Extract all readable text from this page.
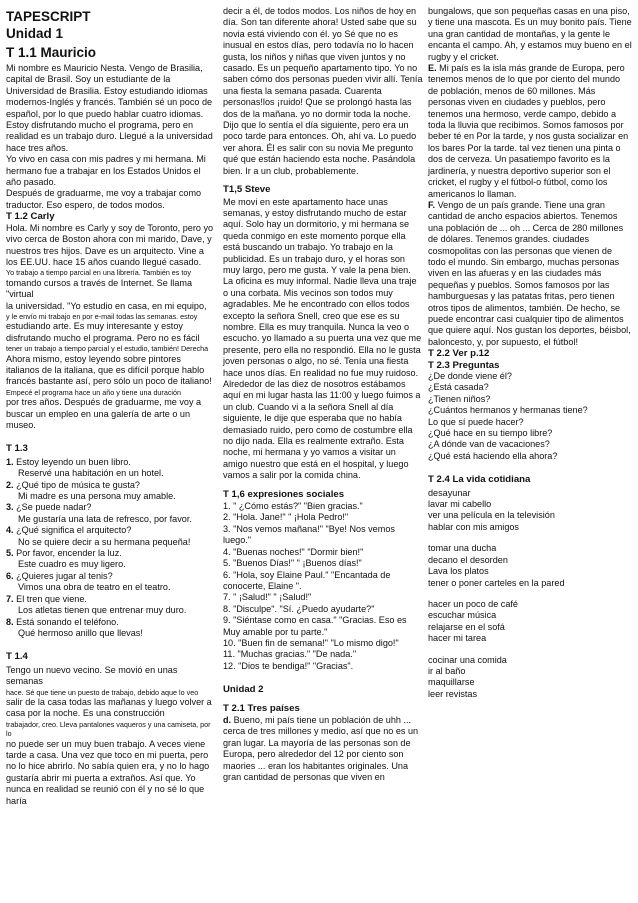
TAPESCRIPT
Unidad 1
T 1.1 Mauricio

Mi nombre es Mauricio Nesta. Vengo de Brasilia, capital de Brasil. Soy un estudiante de la Universidad de Brasilia. Estoy estudiando idiomas modernos-Inglés y francés. También sé un poco de español, por lo que puedo hablar cuatro idiomas. Estoy disfrutando mucho el programa, pero en realidad es un trabajo duro. Llegué a la universidad hace tres años.

Yo vivo en casa con mis padres y mi hermana. Mi hermano fue a trabajar en los Estados Unidos el año pasado.

Después de graduarme, me voy a trabajar como traductor. Eso espero, de todos modos.

T 1.2 Carly

Hola. Mi nombre es Carly y soy de Toronto, pero yo vivo cerca de Boston ahora con mi marido, Dave, y nuestros tres hijos. Dave es un arquitecto. Vine a los EE.UU. hace 15 años cuando llegué casado.

Yo trabajo a tiempo parcial en una librería. También es toy

tomando cursos a través de Internet. Se llama "virtual

la universidad. "Yo estudio en casa, en mi equipo,

y le envío mi trabajo en por e-mail todas las semanas. estoy

estudiando arte. Es muy interesante y estoy disfrutando mucho el programa. Pero no es fácil

tener un trabajo a tiempo parcial y el estudio, también! Derecha

Ahora mismo, estoy leyendo sobre pintores italianos de la italiana, que es difícil porque hablo francés bastante así, pero sólo un poco de italiano!

Empecé el programa hace un año y tiene una duración

por tres años. Después de graduarme, me voy a buscar un empleo en una galería de arte o un museo.

T 1.3

1. Estoy leyendo un buen libro.

Reservé una habitación en un hotel.

2. ¿Qué tipo de música te gusta?

Mi madre es una persona muy amable.

3. ¿Se puede nadar?

Me gustaría una lata de refresco, por favor.

4. ¿Qué significa el arquitecto?

No se quiere decir a su hermana pequeña!

5. Por favor, encender la luz.

Este cuadro es muy ligero.

6. ¿Quieres jugar al tenis?

Vimos una obra de teatro en el teatro.

7. El tren que viene.

Los atletas tienen que entrenar muy duro.

8. Está sonando el teléfono.

Qué hermoso anillo que llevas!

T 1.4

Tengo un nuevo vecino. Se movió en unas semanas

hace. Sé que tiene un puesto de trabajo, debido aque lo veo

salir de la casa todas las mañanas y luego volver a casa por la noche. Es una construcción

trabajador, creo. Lleva pantalones vaqueros y una camiseta, por lo

no puede ser un muy buen trabajo. A veces viene tarde a casa. Una vez que toco en mi puerta, pero no lo hice abrirlo. No sabía quien era, y no lo hago gustaría abrir mi puerta a extraños. Así que. Yo nunca en realidad se reunió con él y no sé lo que haría

decir a él, de todos modos. Los niños de hoy en día. Son tan diferente ahora! Usted sabe que su novia está viviendo con él. yo Sé que no es inusual en estos días, pero todavía no lo hacen gusta, los niños y niñas que viven juntos y no casado. Es un pequeño apartamento tipo. Yo no saben cómo dos personas pueden vivir allí. Tenía una fiesta la semana pasada. Cuarenta personas!los ¡ruido! Que se prolongó hasta las dos de la mañana. yo no dormir toda la noche. Dijo que lo sentía el día siguiente, pero era un poco tarde para entonces. Oh, ahí va. Lo puedo ver ahora. Él es salir con su novia Me pregunto qué que están haciendo esta noche. Pasándola bien. Ir a un club, probablemente.

T1,5 Steve

Me movi en este apartamento hace unas semanas, y estoy disfrutando mucho de estar aquí. Solo hay un dormitorio, y mi hermana se queda conmigo en este momento porque ella está buscando un trabajo. Yo trabajo en la publicidad. Es un trabajo duro, y el horas son muy largo, pero me gusta. Y vale la pena bien. La oficina es muy informal. Nadie lleva una traje o una corbata. Mis vecinos son todos muy agradables. Me he encontrado con ellos todos excepto la señora Snell, creo que ese es su nombre. Ella es muy tranquila. Nunca la veo o escucho. yo llamado a su puerta una vez que me presente, pero ella no respondió. Ella no le gusta joven personas o algo, no sé. Tenía una fiesta hace unos días. En realidad no fue muy ruidoso. Alrededor de las diez de nosotros estábamos aquí en mi lugar hasta las 11:00 y luego fuimos a un club. Cuando vi a la señora Snell al día siguiente, le dije que esperaba que no había demasiado ruido, pero como de costumbre ella no dijo nada. Ella es realmente extraño. Esta noche, mi hermana y yo vamos a visitar un amigo nuestro que está en el hospital, y luego vamos a salir por la comida china.

T 1,6 expresiones sociales

1. " ¿Cómo estás?" "Bien gracias."

2. "Hola. Jane!" " ¡Hola Pedro!"

3. "Nos vemos mañana!" "Bye! Nos vemos luego."

4. "Buenas noches!" "Dormir bien!"

5. "Buenos Días!" " ¡Buenos días!"

6. "Hola, soy Elaine Paul." "Encantada de conocerte, Elaine ".

7. " ¡Salud!" " ¡Salud!"

8. "Disculpe". "Sí. ¿Puedo ayudarte?"

9. "Siéntase como en casa." "Gracias. Eso es Muy amable por tu parte."

10. "Buen fin de semana!" "Lo mismo digo!"

11. "Muchas gracias." "De nada."

12. "Dios te bendiga!" "Gracias".

Unidad 2
T 2.1 Tres países

d. Bueno, mi país tiene un población de uhh ... cerca de tres millones y medio, así que no es un gran lugar. La mayoría de las personas son de Europa, pero alrededor del 12 por ciento son maories ... eran los habitantes originales. Una gran cantidad de personas que viven en

bungalows, que son pequeñas casas en una piso, y tiene una mascota. Es un muy bonito país. Tiene una gran cantidad de montañas, y la gente le encanta el campo. Ah, y estamos muy bueno en el rugby y el cricket.

E. Mi país es la isla más grande de Europa, pero tenemos menos de lo que por ciento del mundo de población, menos de 60 millones. Más personas viven en ciudades y pueblos, pero tenemos una hermoso, verde campo, debido a toda la lluvia que recibimos. Somos famosos por beber té en Por la tarde, y nos gusta socializar en los bares Por la tarde. tal vez tienen una pinta o dos de cerveza. Un pasatiempo favorito es la jardinería, y nuestra deportivo superior son el cricket, el rugby y el fútbol-o fútbol, como los americanos lo llaman.

F. Vengo de un país grande. Tiene una gran cantidad de ancho espacios abiertos. Tenemos una población de ... oh ... Cerca de 280 millones de dólares. Tenemos grandes. ciudades cosmopolitas con las personas que vienen de todo el mundo. Sin embargo, muchas personas viven en las afueras y en las ciudades más pequeñas y pueblos. Somos famosos por las hamburguesas y las patatas fritas, pero tienen otros tipos de alimentos, también. De hecho, se puede encontrar casi cualquier tipo de alimentos que quiere aquí. Nos gustan los deportes, béisbol, baloncesto, y, por supuesto, el fútbol!

T 2.2 Ver p.12
T 2.3 Preguntas

¿De donde viene él?

¿Está casada?

¿Tienen niños?

¿Cuántos hermanos y hermanas tiene?

Lo que sí puede hacer?

¿Qué hace en su tiempo libre?

¿A dónde van de vacaciones?

¿Qué está haciendo ella ahora?

T 2.4 La vida cotidiana

desayunar

lavar mi cabello

ver una película en la televisión

hablar con mis amigos

tomar una ducha

decano el desorden

Lava los platos

tener o poner carteles en la pared

hacer un poco de café

escuchar música

relajarse en el sofá

hacer mi tarea

cocinar una comida

ir al baño

maquillarse

leer revistas
